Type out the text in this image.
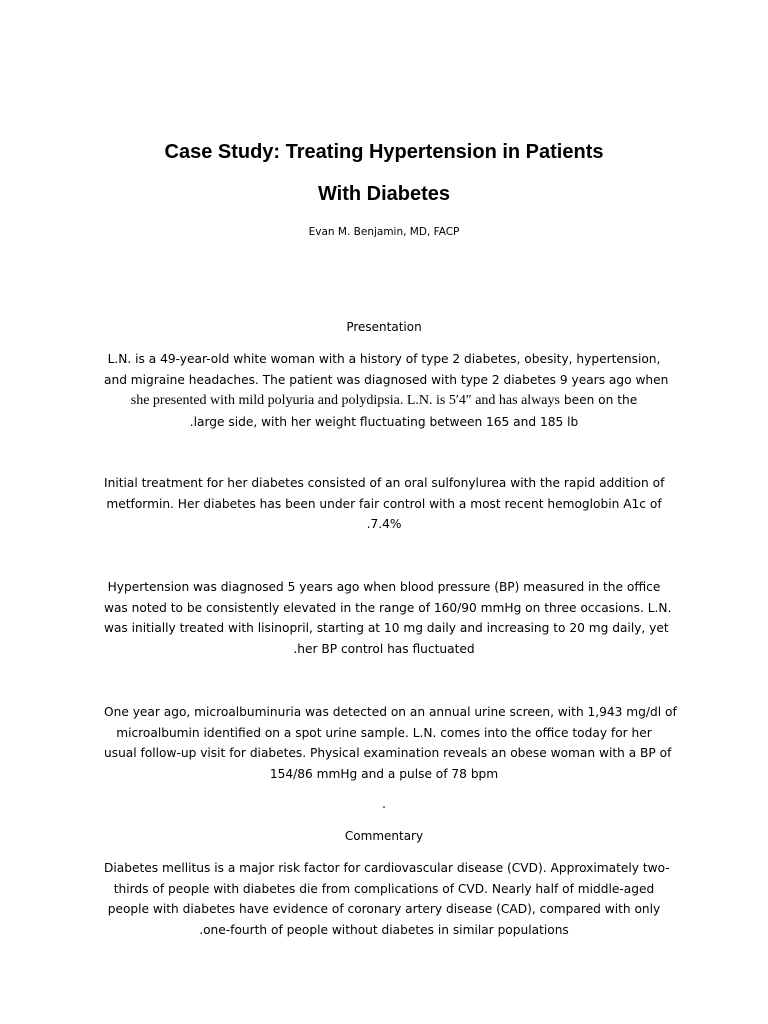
Case Study: Treating Hypertension in Patients
With Diabetes
Evan M. Benjamin, MD, FACP
Presentation

L.N. is a 49-year-old white woman with a history of type 2 diabetes, obesity, hypertension,
and migraine headaches. The patient was diagnosed with type 2 diabetes 9 years ago when
she presented with mild polyuria and polydipsia. L.N. is 5′4″ and has always been on the
.large side, with her weight fluctuating between 165 and 185 lb

Initial treatment for her diabetes consisted of an oral sulfonylurea with the rapid addition of
metformin. Her diabetes has been under fair control with a most recent hemoglobin A1c of
.7.4%

Hypertension was diagnosed 5 years ago when blood pressure (BP) measured in the office
was noted to be consistently elevated in the range of 160/90 mmHg on three occasions. L.N.
was initially treated with lisinopril, starting at 10 mg daily and increasing to 20 mg daily, yet
.her BP control has fluctuated

One year ago, microalbuminuria was detected on an annual urine screen, with 1,943 mg/dl of
microalbumin identified on a spot urine sample. L.N. comes into the office today for her
usual follow-up visit for diabetes. Physical examination reveals an obese woman with a BP of
154/86 mmHg and a pulse of 78 bpm

.
Commentary

Diabetes mellitus is a major risk factor for cardiovascular disease (CVD). Approximately two-
thirds of people with diabetes die from complications of CVD. Nearly half of middle-aged
people with diabetes have evidence of coronary artery disease (CAD), compared with only
.one-fourth of people without diabetes in similar populations
